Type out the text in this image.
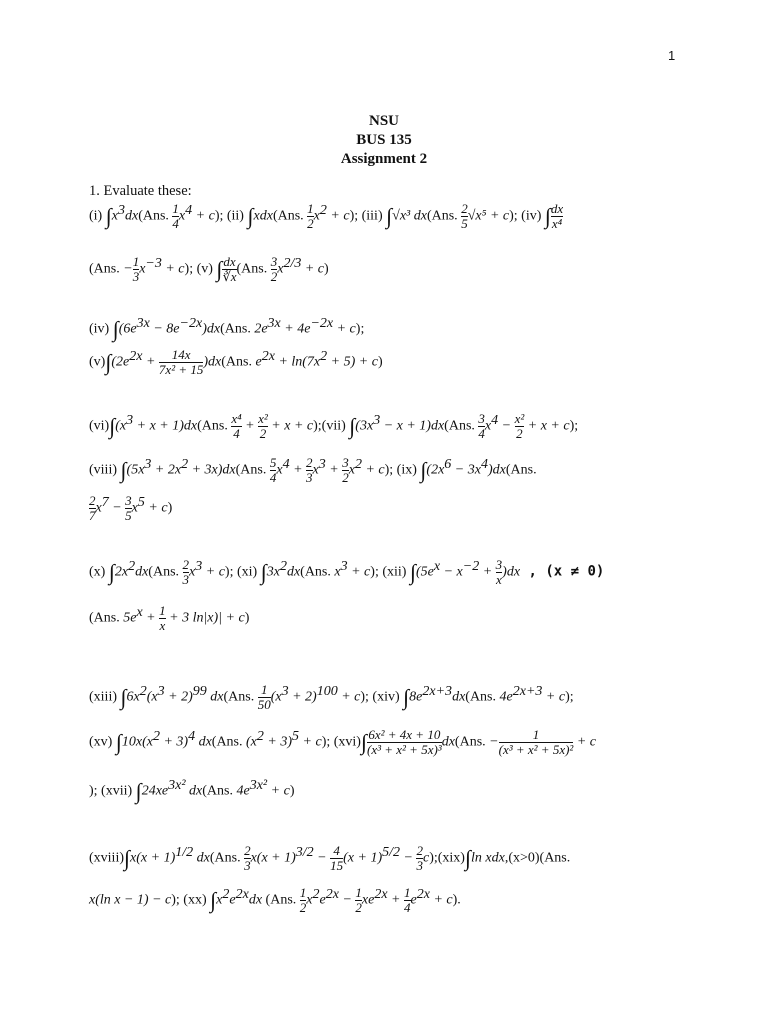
1
NSU
BUS 135
Assignment 2
1. Evaluate these:
(i) $\int x^3dx(Ans$. $\frac{1}{4} x^4 + c$); (ii) ∫xdx(Ans. $\frac{1}{2} x^2 + c$); (iii) ∫√x³ dx(Ans. $\frac{2}{5} √x^5 + c$); (iv) ∫ $\frac{dx}{\text{x⁴}}$
(Ans. − $\frac{1}{3} x^{-3} + c$); (v) ∫ $\frac{dx}{∛x} (Ans$. $\frac{3}{2} x^{2/3} + c$)
(iv) $\int(6e^{3x} - 8e^{-2x})dx(Ans$. $2e^{3x} + 4e^{-2x} + c$);
$(v)\int(2e^{2x} + \frac{14x}{\text{7x² + 15}} )dx(Ans$. $e^{2x} + \ln(7x^2 + 5) + c$)
$(vi)\int(x^3 + x + 1)dx(Ans$. $\frac{\text{x⁴}}{4} + \frac{\text{x²}}{2} + x$ + c);(vii) $\int(3x^3 - x + 1)dx(Ans$. $\frac{3}{4} x^4 - \frac{\text{x²}}{2} + x + c$);
(viii) $\int(5x^3 + 2x^2 + 3x)dx(Ans$. $\frac{5}{4} x^4 + \frac{2}{3} x^3 + \frac{3}{2} x^2 + c$); (ix) $\int(2x^6 - 3x^4)dx(Ans$.
$\frac{2}{7} x^7 - \frac{3}{5} x^5 + c$)
(x) $\int 2x^2dx(Ans$. $\frac{2}{3} x^3 + c$); (xi) $\int 3x^2dx(Ans$. $x^3 + c$); (xii) $\int(5e^x - x^{-2} + \frac{3}{x} )dx$ , (x ≠ 0)
(Ans. $5e^x + \frac{1}{x} + 3$ ln|x)| + c)
(xiii) $\int 6x^2(x^3 + 2)^{99}$ dx(Ans. $\frac{1}{50} (x^3 + 2)^{100} + c$); (xiv) $\int 8e^{2x+3}dx(Ans$. $4e^{2x+3} + c$);
(xv) $\int 10x(x^2 + 3)^4$ dx(Ans. $(x^2 + 3)^5 + c$); $(xvi)\int \frac{\text{6x² + 4x + 10}}{\text{(x³ + x² + 5x)³}} dx(Ans$. − $\frac{1}{\text{(x³ + x² + 5x)²}} + c$
); (xvii) $\int 24xe^{3x^2}$ dx(Ans. $4e^{3x^2} + c$)
(xviii)∫x(x + 1)$^{1/2}$ dx(Ans. $\frac{2}{3} x(x + 1)^{3/2} - \frac{4}{15} (x + 1)^{5/2} - \frac{2}{3}$ c);(xix)∫ln xdx,(x>0)(Ans.
x(ln x − 1) − c); (xx) $\int x^2e^{2x}dx$ (Ans. $\frac{1}{2} x^2e^{2x} - \frac{1}{2} xe^{2x} + \frac{1}{4} e^{2x} + c$).
